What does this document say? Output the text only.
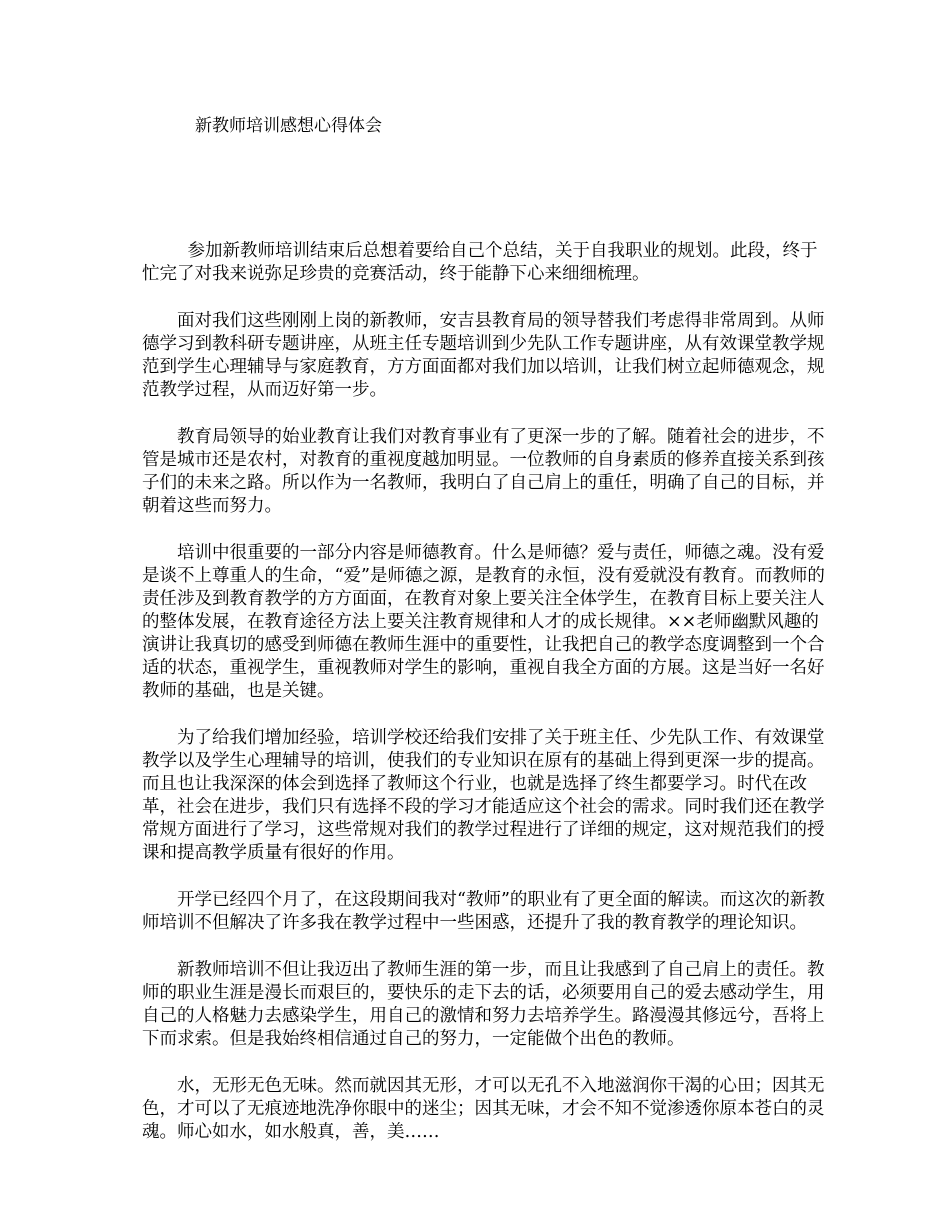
新教师培训感想心得体会

参加新教师培训结束后总想着要给自己个总结，关于自我职业的规划。此段，终于忙完了对我来说弥足珍贵的竞赛活动，终于能静下心来细细梳理。

面对我们这些刚刚上岗的新教师，安吉县教育局的领导替我们考虑得非常周到。从师德学习到教科研专题讲座，从班主任专题培训到少先队工作专题讲座，从有效课堂教学规范到学生心理辅导与家庭教育，方方面面都对我们加以培训，让我们树立起师德观念，规范教学过程，从而迈好第一步。

教育局领导的始业教育让我们对教育事业有了更深一步的了解。随着社会的进步，不管是城市还是农村，对教育的重视度越加明显。一位教师的自身素质的修养直接关系到孩子们的未来之路。所以作为一名教师，我明白了自己肩上的重任，明确了自己的目标，并朝着这些而努力。

培训中很重要的一部分内容是师德教育。什么是师德？爱与责任，师德之魂。没有爱是谈不上尊重人的生命，“爱”是师德之源，是教育的永恒，没有爱就没有教育。而教师的责任涉及到教育教学的方方面面，在教育对象上要关注全体学生，在教育目标上要关注人的整体发展，在教育途径方法上要关注教育规律和人才的成长规律。××老师幽默风趣的演讲让我真切的感受到师德在教师生涯中的重要性，让我把自己的教学态度调整到一个合适的状态，重视学生，重视教师对学生的影响，重视自我全方面的方展。这是当好一名好教师的基础，也是关键。

为了给我们增加经验，培训学校还给我们安排了关于班主任、少先队工作、有效课堂教学以及学生心理辅导的培训，使我们的专业知识在原有的基础上得到更深一步的提高。而且也让我深深的体会到选择了教师这个行业，也就是选择了终生都要学习。时代在改革，社会在进步，我们只有选择不段的学习才能适应这个社会的需求。同时我们还在教学常规方面进行了学习，这些常规对我们的教学过程进行了详细的规定，这对规范我们的授课和提高教学质量有很好的作用。

开学已经四个月了，在这段期间我对“教师”的职业有了更全面的解读。而这次的新教师培训不但解决了许多我在教学过程中一些困惑，还提升了我的教育教学的理论知识。

新教师培训不但让我迈出了教师生涯的第一步，而且让我感到了自己肩上的责任。教师的职业生涯是漫长而艰巨的，要快乐的走下去的话，必须要用自己的爱去感动学生，用自己的人格魅力去感染学生，用自己的激情和努力去培养学生。路漫漫其修远兮，吾将上下而求索。但是我始终相信通过自己的努力，一定能做个出色的教师。

水，无形无色无味。然而就因其无形，才可以无孔不入地滋润你干渴的心田；因其无色，才可以了无痕迹地洗净你眼中的迷尘；因其无味，才会不知不觉渗透你原本苍白的灵魂。师心如水，如水般真，善，美……
